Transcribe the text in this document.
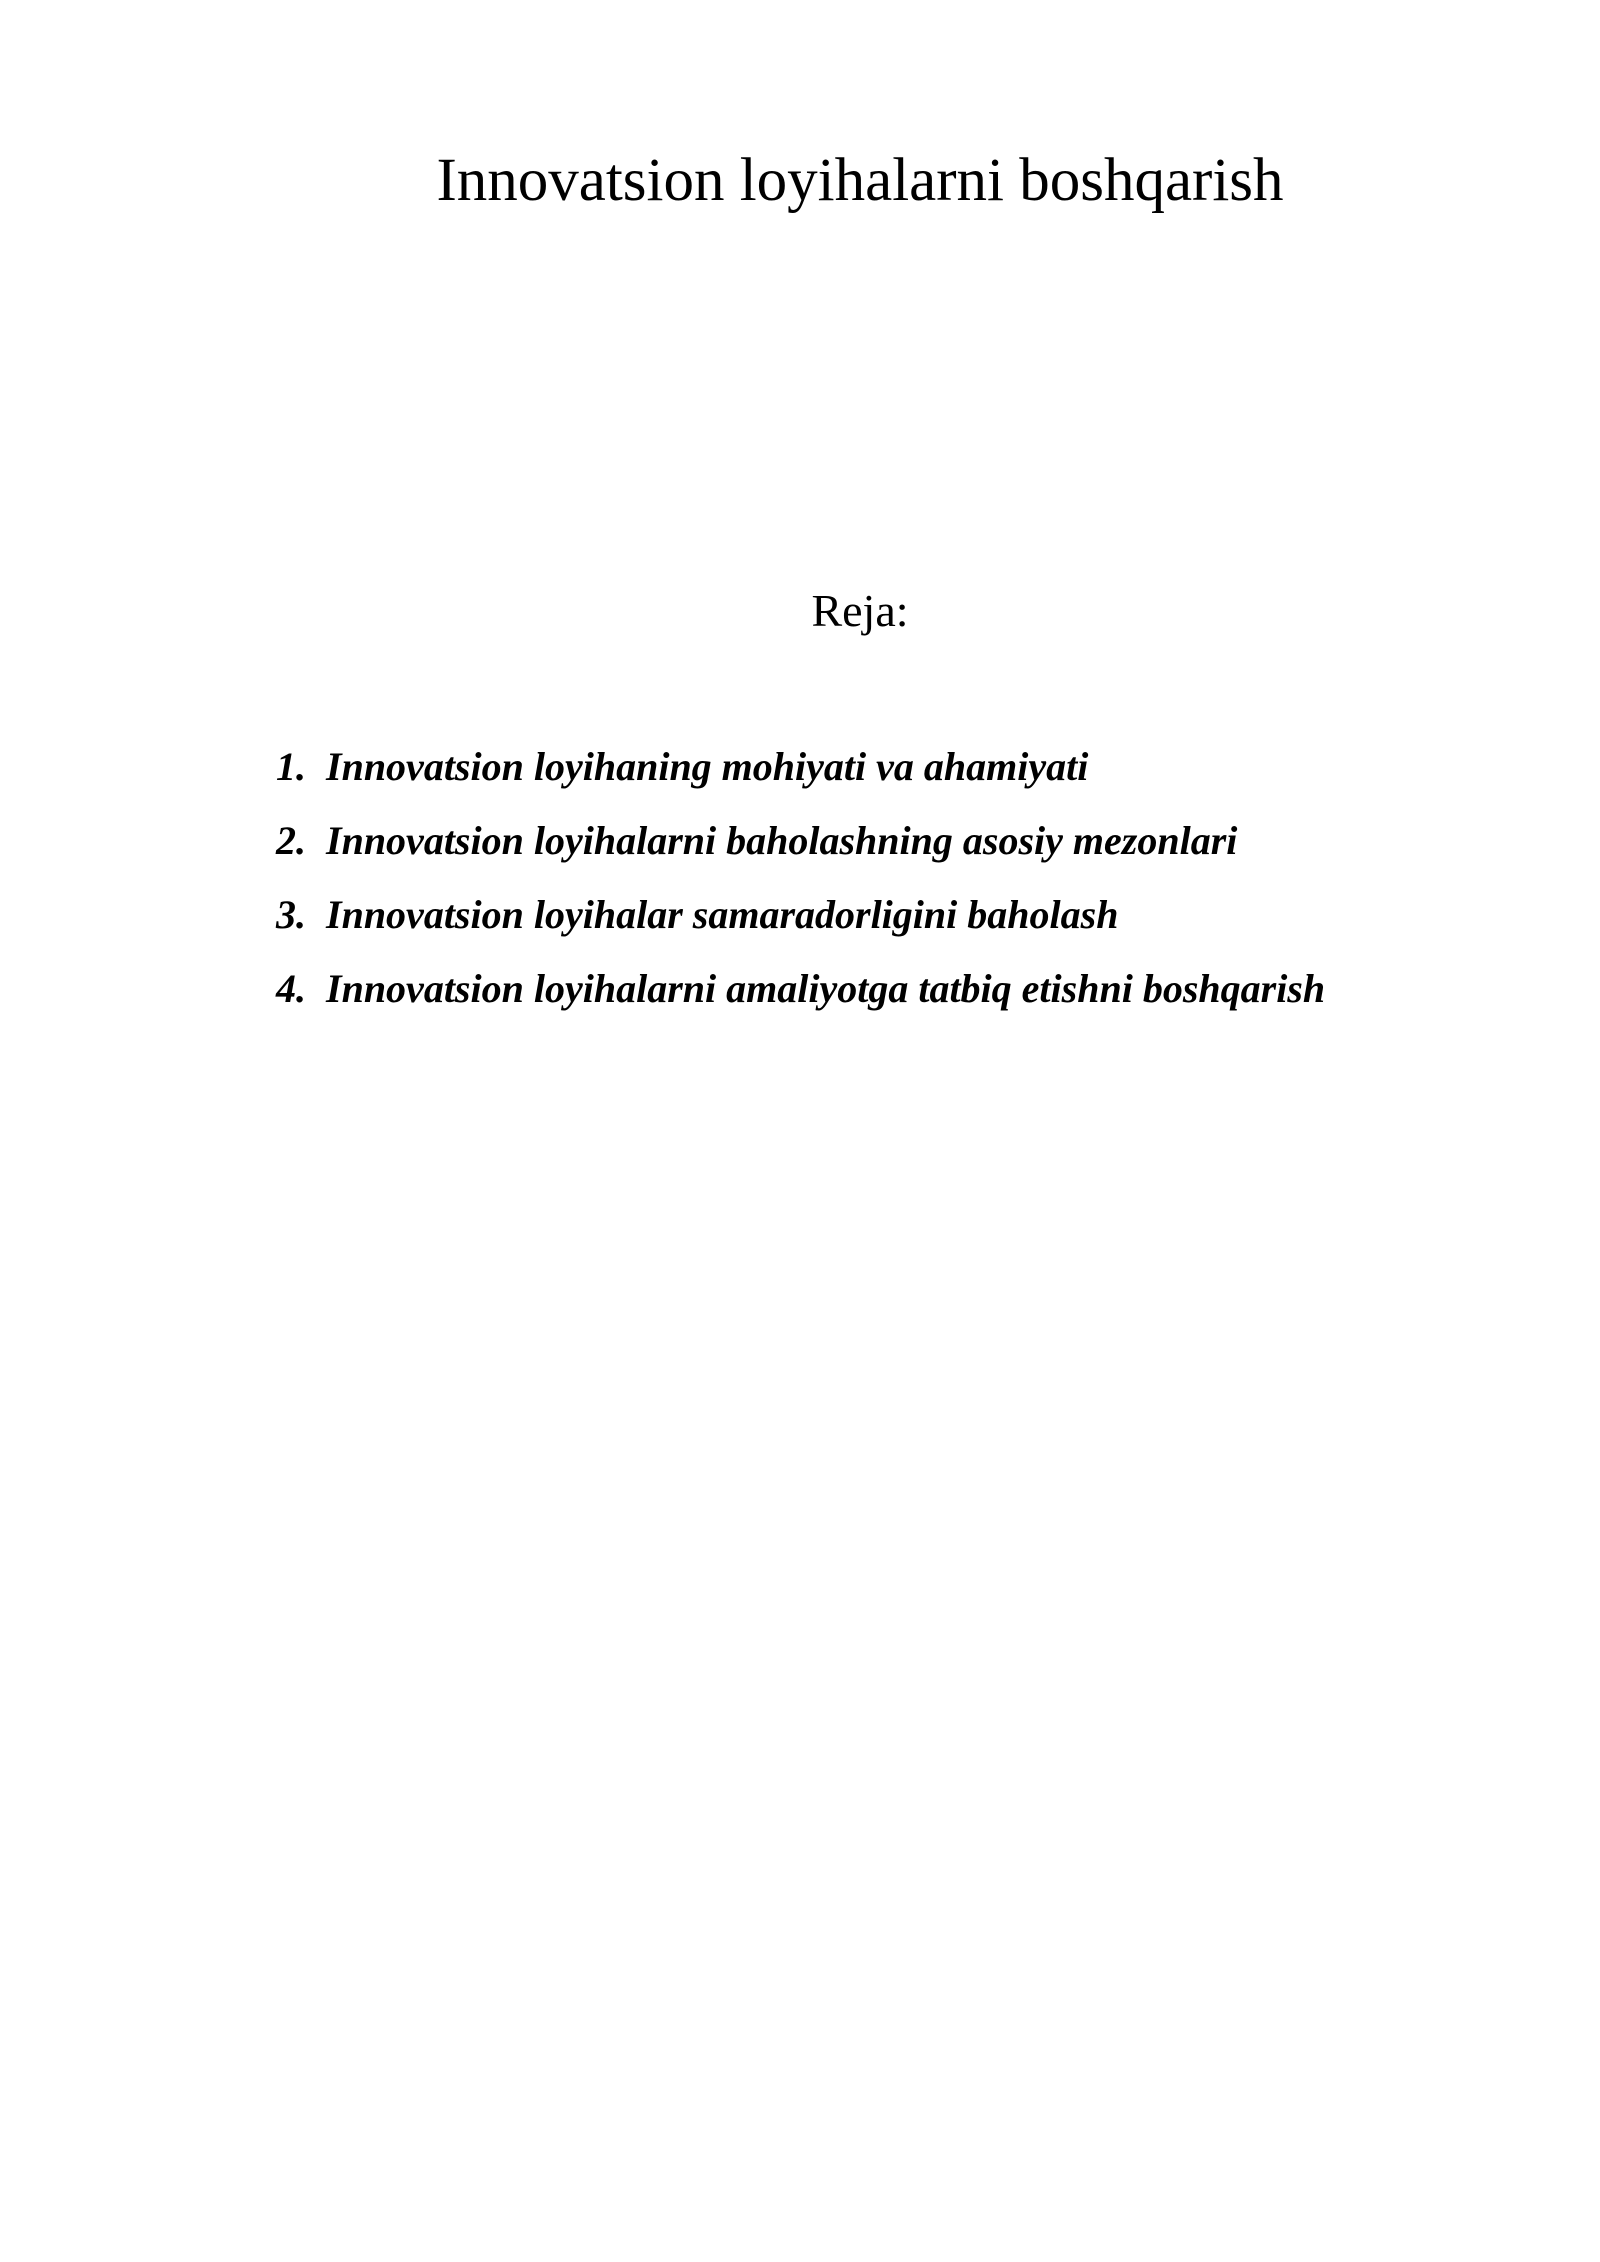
Innovatsion loyihalarni boshqarish
Reja:
1. Innovatsion loyihaning mohiyati va ahamiyati
2. Innovatsion loyihalarni baholashning asosiy mezonlari
3. Innovatsion loyihalar samaradorligini baholash
4. Innovatsion loyihalarni amaliyotga tatbiq etishni boshqarish
